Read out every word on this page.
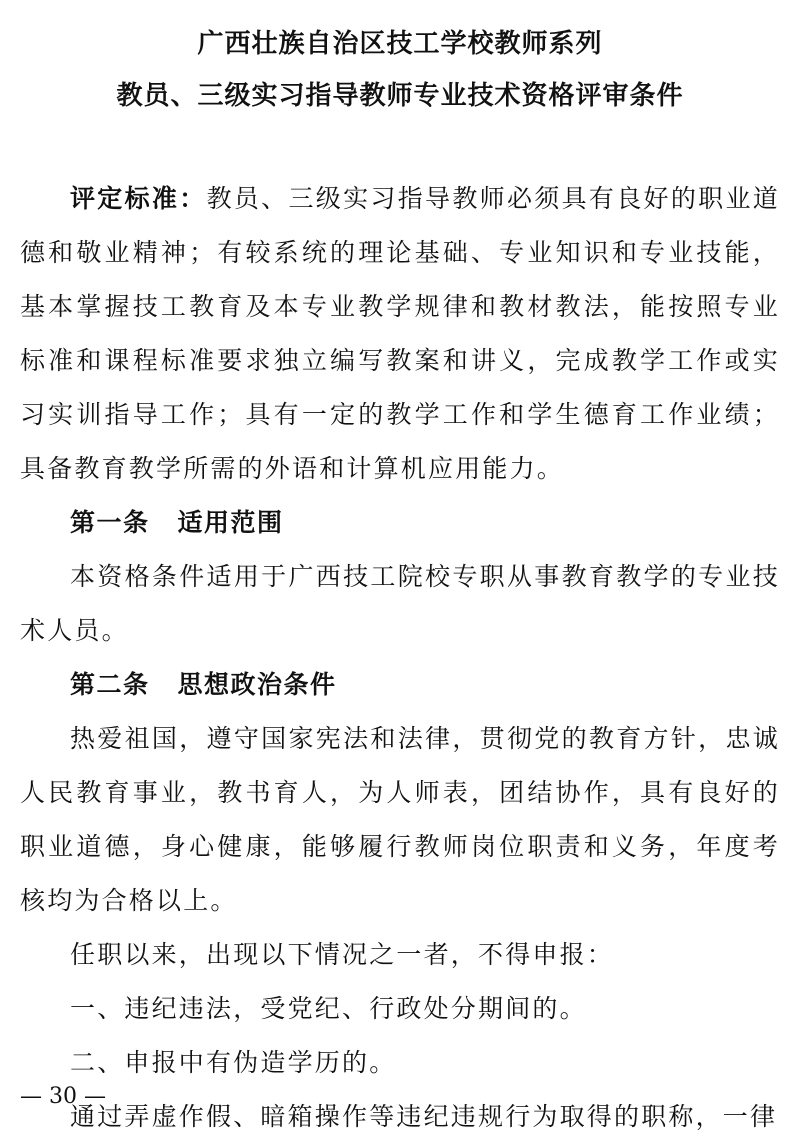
广西壮族自治区技工学校教师系列
教员、三级实习指导教师专业技术资格评审条件

评定标准：教员、三级实习指导教师必须具有良好的职业道德和敬业精神；有较系统的理论基础、专业知识和专业技能，基本掌握技工教育及本专业教学规律和教材教法，能按照专业标准和课程标准要求独立编写教案和讲义，完成教学工作或实习实训指导工作；具有一定的教学工作和学生德育工作业绩；具备教育教学所需的外语和计算机应用能力。

第一条 适用范围

本资格条件适用于广西技工院校专职从事教育教学的专业技术人员。

第二条 思想政治条件

热爱祖国，遵守国家宪法和法律，贯彻党的教育方针，忠诚人民教育事业，教书育人，为人师表，团结协作，具有良好的职业道德，身心健康，能够履行教师岗位职责和义务，年度考核均为合格以上。

任职以来，出现以下情况之一者，不得申报：

一、违纪违法，受党纪、行政处分期间的。

二、申报中有伪造学历的。

通过弄虚作假、暗箱操作等违纪违规行为取得的职称，一律

— 30 —
